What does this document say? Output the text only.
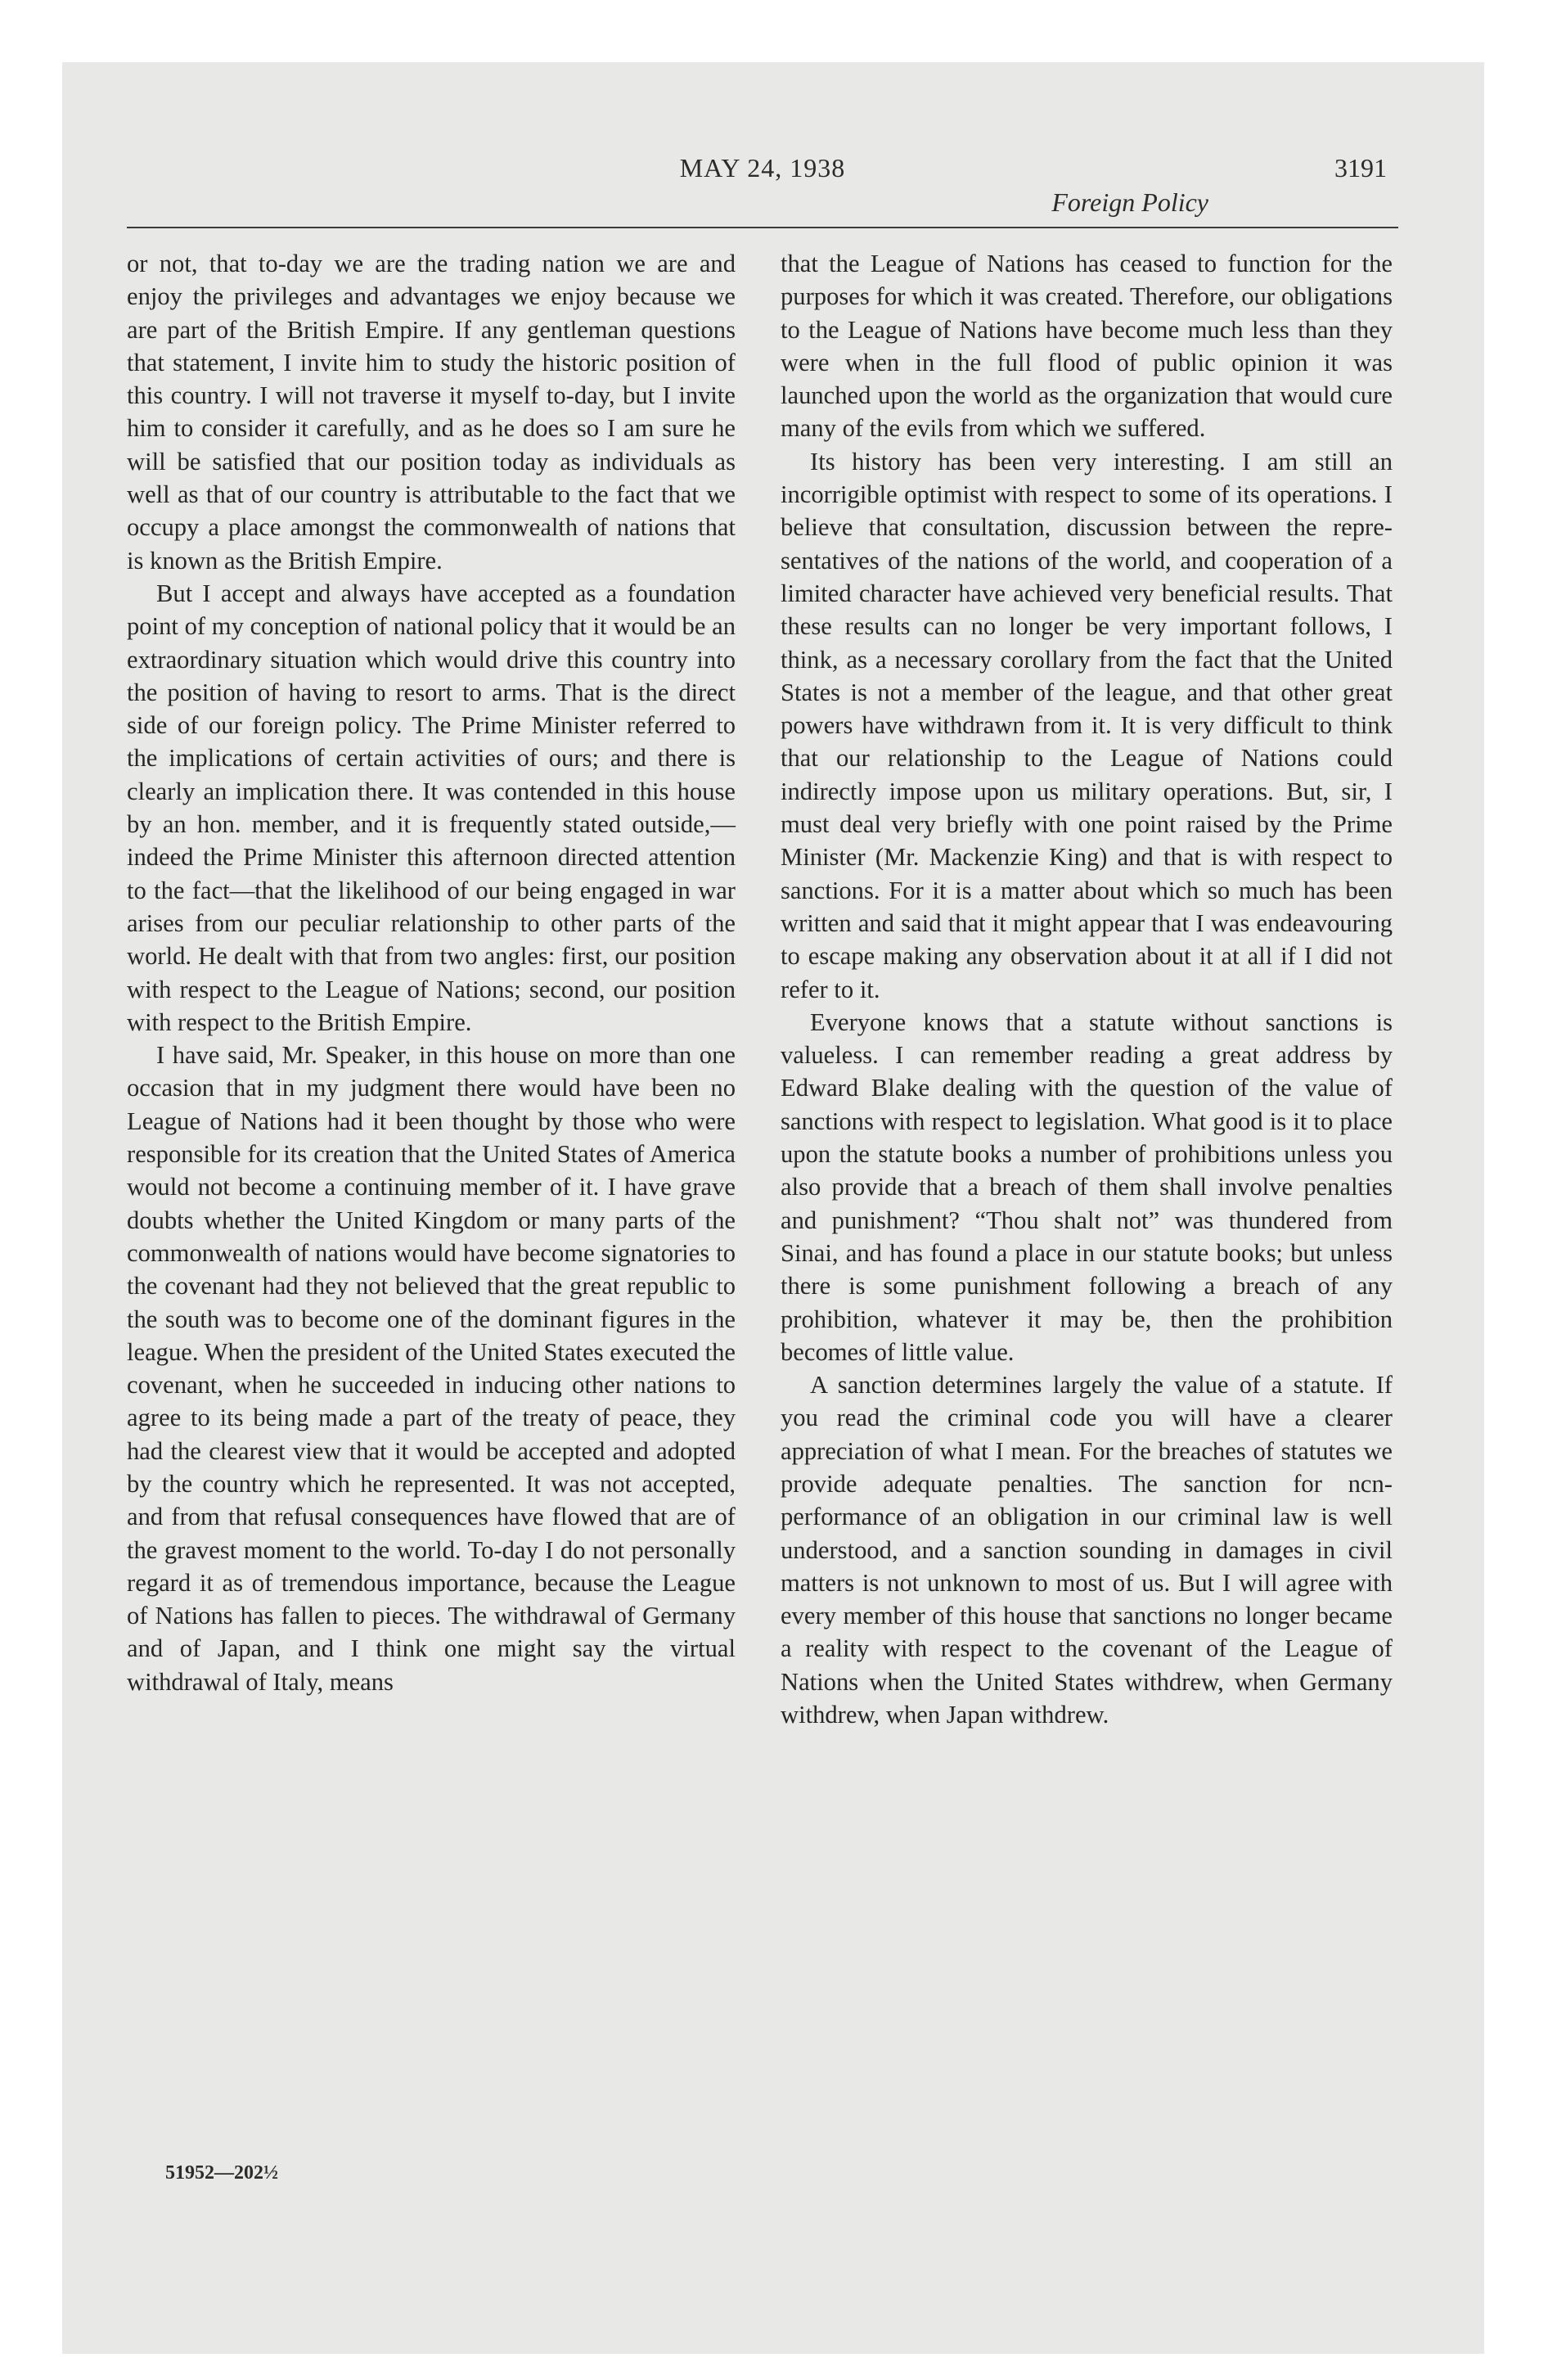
MAY 24, 1938	3191
Foreign Policy

or not, that to-day we are the trading nation we are and enjoy the privileges and advantages we enjoy because we are part of the British Empire. If any gentleman questions that statement, I invite him to study the historic position of this country. I will not traverse it myself to-day, but I invite him to consider it carefully, and as he does so I am sure he will be satisfied that our position today as individuals as well as that of our country is attributable to the fact that we occupy a place amongst the commonwealth of nations that is known as the British Empire.

But I accept and always have accepted as a foundation point of my conception of national policy that it would be an extraordinary situation which would drive this country into the position of having to resort to arms. That is the direct side of our foreign policy. The Prime Minister referred to the implications of certain activities of ours; and there is clearly an implication there. It was contended in this house by an hon. member, and it is frequently stated outside,—indeed the Prime Minister this afternoon directed attention to the fact—that the likelihood of our being engaged in war arises from our peculiar relationship to other parts of the world. He dealt with that from two angles: first, our position with respect to the League of Nations; second, our position with respect to the British Empire.

I have said, Mr. Speaker, in this house on more than one occasion that in my judgment there would have been no League of Nations had it been thought by those who were responsible for its creation that the United States of America would not become a continuing member of it. I have grave doubts whether the United Kingdom or many parts of the commonwealth of nations would have become signatories to the covenant had they not believed that the great republic to the south was to become one of the dominant figures in the league. When the president of the United States executed the covenant, when he succeeded in inducing other nations to agree to its being made a part of the treaty of peace, they had the clearest view that it would be accepted and adopted by the country which he represented. It was not accepted, and from that refusal consequences have flowed that are of the gravest moment to the world. To-day I do not personally regard it as of tremendous importance, because the League of Nations has fallen to pieces. The withdrawal of Germany and of Japan, and I think one might say the virtual withdrawal of Italy, means

that the League of Nations has ceased to function for the purposes for which it was created. Therefore, our obligations to the League of Nations have become much less than they were when in the full flood of public opinion it was launched upon the world as the organization that would cure many of the evils from which we suffered.

Its history has been very interesting. I am still an incorrigible optimist with respect to some of its operations. I believe that consultation, discussion between the representatives of the nations of the world, and cooperation of a limited character have achieved very beneficial results. That these results can no longer be very important follows, I think, as a necessary corollary from the fact that the United States is not a member of the league, and that other great powers have withdrawn from it. It is very difficult to think that our relationship to the League of Nations could indirectly impose upon us military operations. But, sir, I must deal very briefly with one point raised by the Prime Minister (Mr. Mackenzie King) and that is with respect to sanctions. For it is a matter about which so much has been written and said that it might appear that I was endeavouring to escape making any observation about it at all if I did not refer to it.

Everyone knows that a statute without sanctions is valueless. I can remember reading a great address by Edward Blake dealing with the question of the value of sanctions with respect to legislation. What good is it to place upon the statute books a number of prohibitions unless you also provide that a breach of them shall involve penalties and punishment? “Thou shalt not” was thundered from Sinai, and has found a place in our statute books; but unless there is some punishment following a breach of any prohibition, whatever it may be, then the prohibition becomes of little value.

A sanction determines largely the value of a statute. If you read the criminal code you will have a clearer appreciation of what I mean. For the breaches of statutes we provide adequate penalties. The sanction for ncn-performance of an obligation in our criminal law is well understood, and a sanction sounding in damages in civil matters is not unknown to most of us. But I will agree with every member of this house that sanctions no longer became a reality with respect to the covenant of the League of Nations when the United States withdrew, when Germany withdrew, when Japan withdrew.

51952—202½
